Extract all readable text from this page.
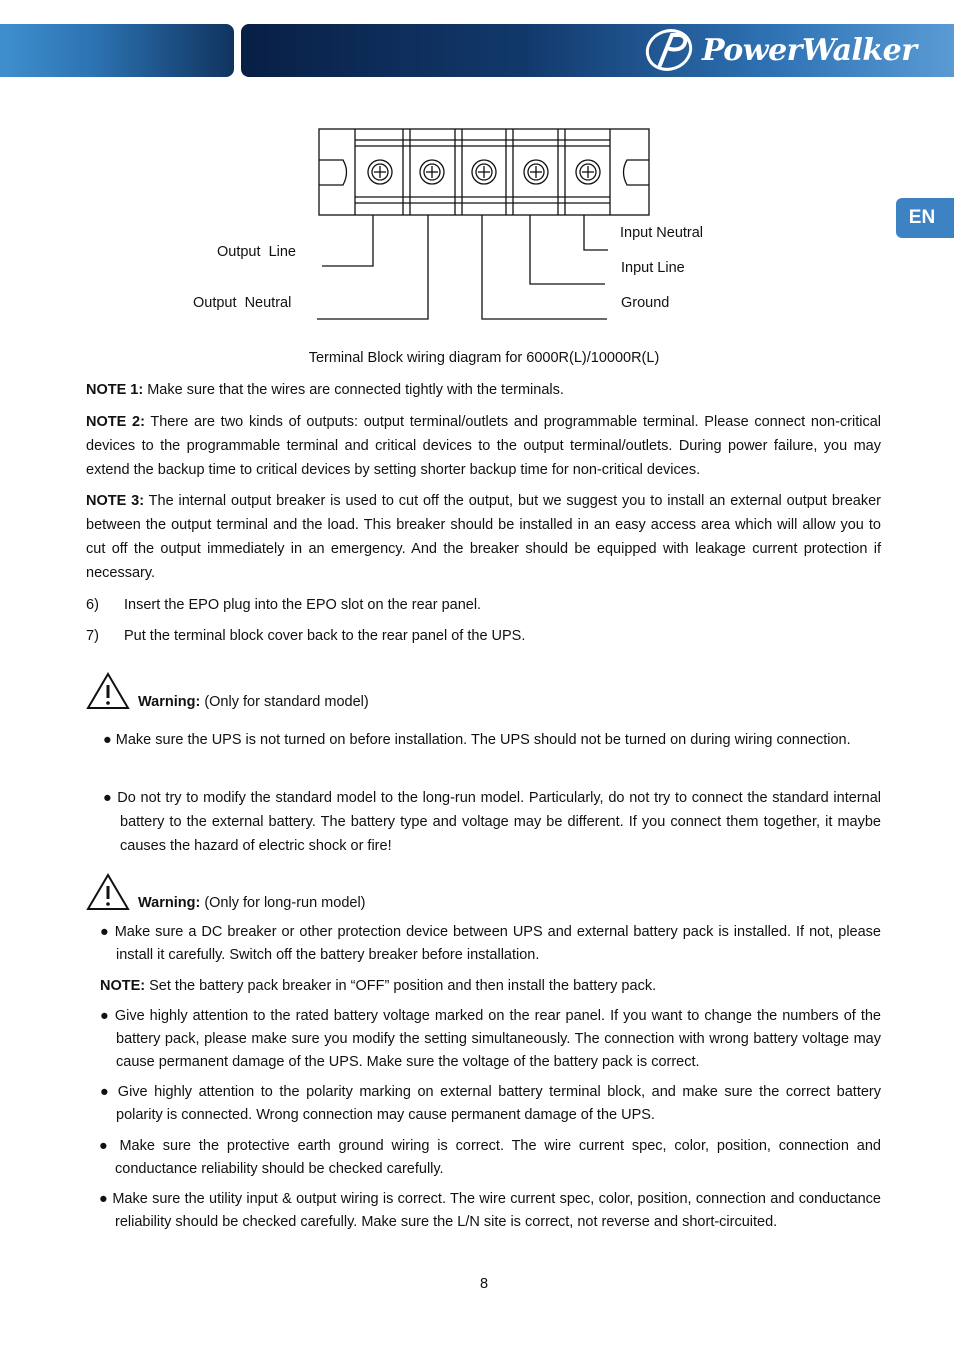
PowerWalker
EN
Output  Line
Output  Neutral
Input Neutral
Input Line
Ground
Terminal Block wiring diagram for 6000R(L)/10000R(L)

NOTE 1: Make sure that the wires are connected tightly with the terminals.

NOTE 2: There are two kinds of outputs: output terminal/outlets and programmable terminal. Please connect non-critical devices to the programmable terminal and critical devices to the output terminal/outlets. During power failure, you may extend the backup time to critical devices by setting shorter backup time for non-critical devices.

NOTE 3: The internal output breaker is used to cut off the output, but we suggest you to install an external output breaker between the output terminal and the load. This breaker should be installed in an easy access area which will allow you to cut off the output immediately in an emergency. And the breaker should be equipped with leakage current protection if necessary.

6) Insert the EPO plug into the EPO slot on the rear panel.
7) Put the terminal block cover back to the rear panel of the UPS.
Warning: (Only for standard model)

● Make sure the UPS is not turned on before installation. The UPS should not be turned on during wiring connection.

● Do not try to modify the standard model to the long-run model. Particularly, do not try to connect the standard internal battery to the external battery. The battery type and voltage may be different. If you connect them together, it maybe causes the hazard of electric shock or fire!

Warning: (Only for long-run model)

● Make sure a DC breaker or other protection device between UPS and external battery pack is installed. If not, please install it carefully. Switch off the battery breaker before installation.

NOTE: Set the battery pack breaker in “OFF” position and then install the battery pack.

● Give highly attention to the rated battery voltage marked on the rear panel. If you want to change the numbers of the battery pack, please make sure you modify the setting simultaneously. The connection with wrong battery voltage may cause permanent damage of the UPS. Make sure the voltage of the battery pack is correct.

● Give highly attention to the polarity marking on external battery terminal block, and make sure the correct battery polarity is connected. Wrong connection may cause permanent damage of the UPS.

● Make sure the protective earth ground wiring is correct. The wire current spec, color, position, connection and conductance reliability should be checked carefully.

● Make sure the utility input & output wiring is correct. The wire current spec, color, position, connection and conductance reliability should be checked carefully. Make sure the L/N site is correct, not reverse and short-circuited.

8
